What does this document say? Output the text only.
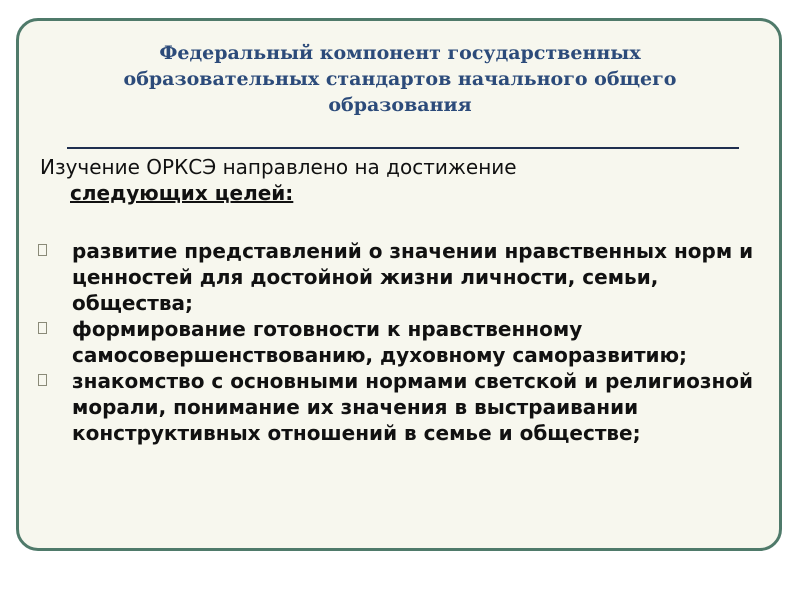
Федеральный компонент государственных образовательных стандартов начального общего образования
Изучение ОРКСЭ направлено на достижение
следующих целей:
развитие представлений о значении нравственных норм и ценностей для достойной жизни личности, семьи, общества;
формирование готовности к нравственному самосовершенствованию, духовному саморазвитию;
знакомство с основными нормами светской и религиозной морали, понимание их значения в выстраивании конструктивных отношений в семье и обществе;
